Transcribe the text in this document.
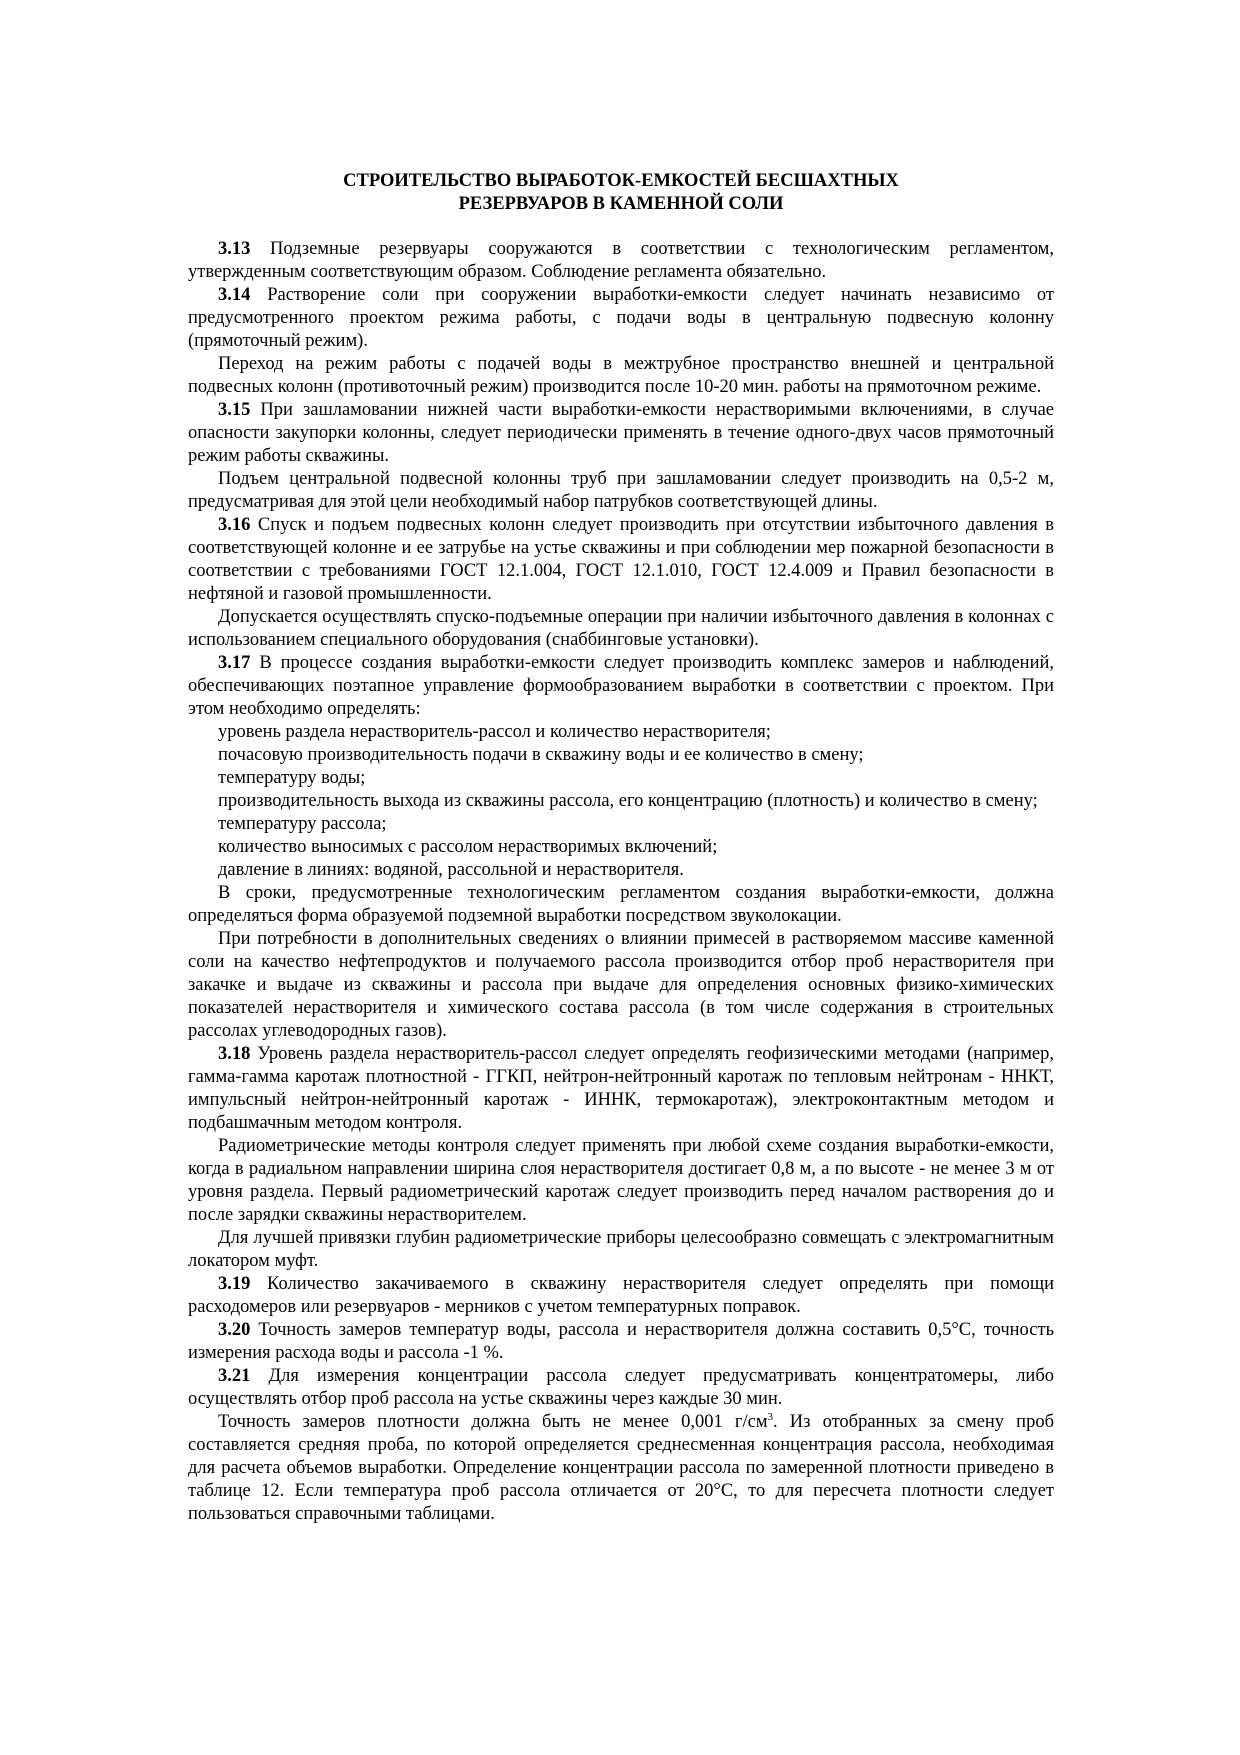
СТРОИТЕЛЬСТВО ВЫРАБОТОК-ЕМКОСТЕЙ БЕСШАХТНЫХ
РЕЗЕРВУАРОВ В КАМЕННОЙ СОЛИ

3.13 Подземные резервуары сооружаются в соответствии с технологическим регламентом, утвержденным соответствующим образом. Соблюдение регламента обязательно.

3.14 Растворение соли при сооружении выработки-емкости следует начинать независимо от предусмотренного проектом режима работы, с подачи воды в центральную подвесную колонну (прямоточный режим).

Переход на режим работы с подачей воды в межтрубное пространство внешней и центральной подвесных колонн (противоточный режим) производится после 10-20 мин. работы на прямоточном режиме.

3.15 При зашламовании нижней части выработки-емкости нерастворимыми включениями, в случае опасности закупорки колонны, следует периодически применять в течение одного-двух часов прямоточный режим работы скважины.

Подъем центральной подвесной колонны труб при зашламовании следует производить на 0,5-2 м, предусматривая для этой цели необходимый набор патрубков соответствующей длины.

3.16 Спуск и подъем подвесных колонн следует производить при отсутствии избыточного давления в соответствующей колонне и ее затрубье на устье скважины и при соблюдении мер пожарной безопасности в соответствии с требованиями ГОСТ 12.1.004, ГОСТ 12.1.010, ГОСТ 12.4.009 и Правил безопасности в нефтяной и газовой промышленности.

Допускается осуществлять спуско-подъемные операции при наличии избыточного давления в колоннах с использованием специального оборудования (снаббинговые установки).

3.17 В процессе создания выработки-емкости следует производить комплекс замеров и наблюдений, обеспечивающих поэтапное управление формообразованием выработки в соответствии с проектом. При этом необходимо определять:

уровень раздела нерастворитель-рассол и количество нерастворителя;

почасовую производительность подачи в скважину воды и ее количество в смену;

температуру воды;

производительность выхода из скважины рассола, его концентрацию (плотность) и количество в смену;

температуру рассола;

количество выносимых с рассолом нерастворимых включений;

давление в линиях: водяной, рассольной и нерастворителя.

В сроки, предусмотренные технологическим регламентом создания выработки-емкости, должна определяться форма образуемой подземной выработки посредством звуколокации.

При потребности в дополнительных сведениях о влиянии примесей в растворяемом массиве каменной соли на качество нефтепродуктов и получаемого рассола производится отбор проб нерастворителя при закачке и выдаче из скважины и рассола при выдаче для определения основных физико-химических показателей нерастворителя и химического состава рассола (в том числе содержания в строительных рассолах углеводородных газов).

3.18 Уровень раздела нерастворитель-рассол следует определять геофизическими методами (например, гамма-гамма каротаж плотностной - ГГКП, нейтрон-нейтронный каротаж по тепловым нейтронам - ННКТ, импульсный нейтрон-нейтронный каротаж - ИННК, термокаротаж), электроконтактным методом и подбашмачным методом контроля.

Радиометрические методы контроля следует применять при любой схеме создания выработки-емкости, когда в радиальном направлении ширина слоя нерастворителя достигает 0,8 м, а по высоте - не менее 3 м от уровня раздела. Первый радиометрический каротаж следует производить перед началом растворения до и после зарядки скважины нерастворителем.

Для лучшей привязки глубин радиометрические приборы целесообразно совмещать с электромагнитным локатором муфт.

3.19 Количество закачиваемого в скважину нерастворителя следует определять при помощи расходомеров или резервуаров - мерников с учетом температурных поправок.

3.20 Точность замеров температур воды, рассола и нерастворителя должна составить 0,5°С, точность измерения расхода воды и рассола -1 %.

3.21 Для измерения концентрации рассола следует предусматривать концентратомеры, либо осуществлять отбор проб рассола на устье скважины через каждые 30 мин.

Точность замеров плотности должна быть не менее 0,001 $г/см^3$. Из отобранных за смену проб составляется средняя проба, по которой определяется среднесменная концентрация рассола, необходимая для расчета объемов выработки. Определение концентрации рассола по замеренной плотности приведено в таблице 12. Если температура проб рассола отличается от 20°С, то для пересчета плотности следует пользоваться справочными таблицами.
